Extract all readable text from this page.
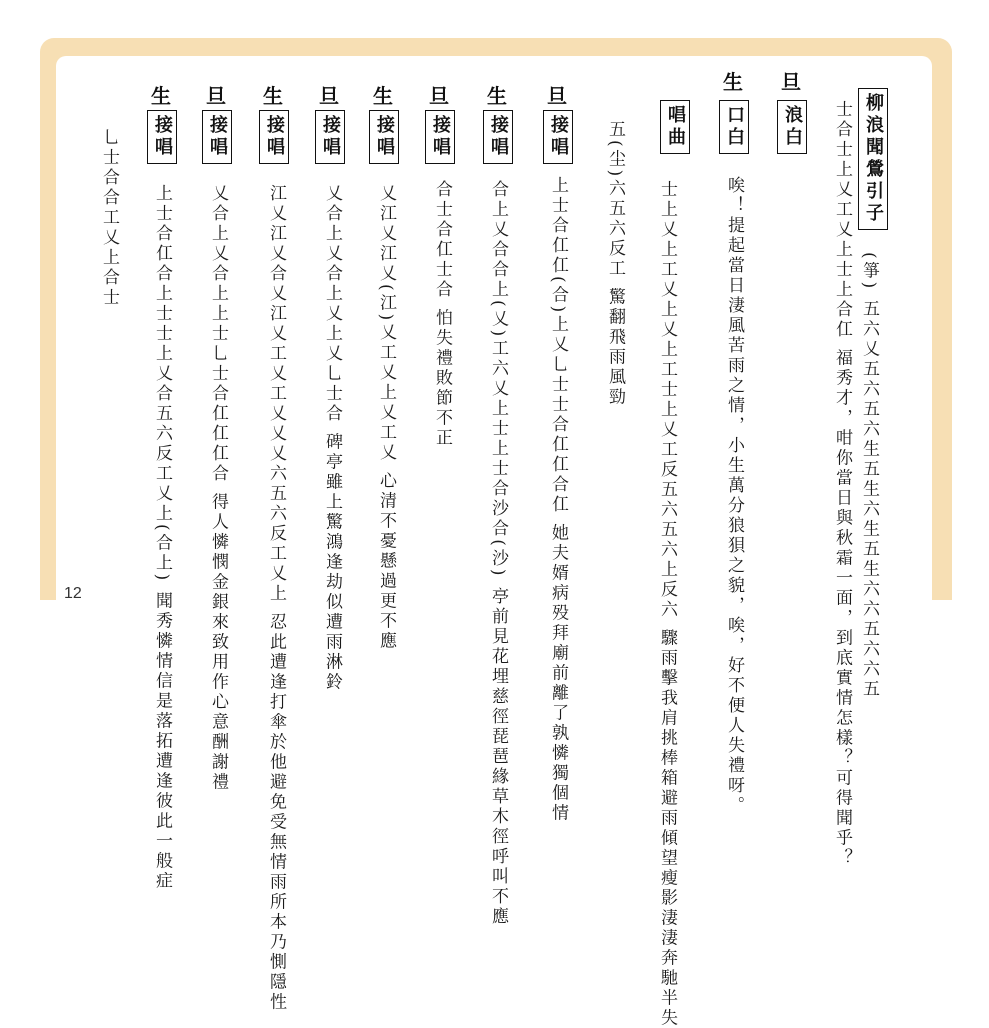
柳浪聞鶯引子
(箏) 五六乂五六五六生五生六生五生六六五六六五
旦
浪白	士合士上乂工乂上士上合仜 福秀才，咁你當日與秋霜一面，到底實情怎樣？可得聞乎？
生
口白
唉！提起當日淒風苦雨之情，小生萬分狼狽之貌，唉，好不便人失禮呀。
唱曲
士上乂上工乂上乂上工士上乂工反五六五六上反六 驟雨擊我肩挑棒箱避雨傾望瘦影淒淒奔馳半失
五(尘)六五六反工 驚翻飛雨風勁
旦
接唱
上士合仜仜(合)上乂乚士士合仜仜合仜 她夫婿病殁拜廟前離了孰憐獨個情
生
接唱
合上乂合合上(乂)工六乂上士上士合沙合(沙) 亭前見花埋慈徑琵琶緣草木徑呼叫不應
旦
接唱
合士合仜士合 怕失禮敗節不正
生
接唱
乂江乂江乂(江)乂工乂上乂工乂 心清不憂懸過更不應
旦
接唱
乂合上乂合上乂上乂乚士合 碑亭雖上驚鴻逢劫似遭雨淋鈴
生
接唱
江乂江乂合乂江乂工乂工乂乂乂六五六反工乂上 忍此遭逢打傘於他避免受無情雨所本乃惻隱性
旦
接唱
乂合上乂合上上士乚士合仜仜仜合 得人憐憫金銀來致用作心意酬謝禮
生
接唱
上士合仜合上士士上乂合五六反工乂上(合上) 聞秀憐情信是落拓遭逢彼此一般症
乚士合合工乂上合士
12
